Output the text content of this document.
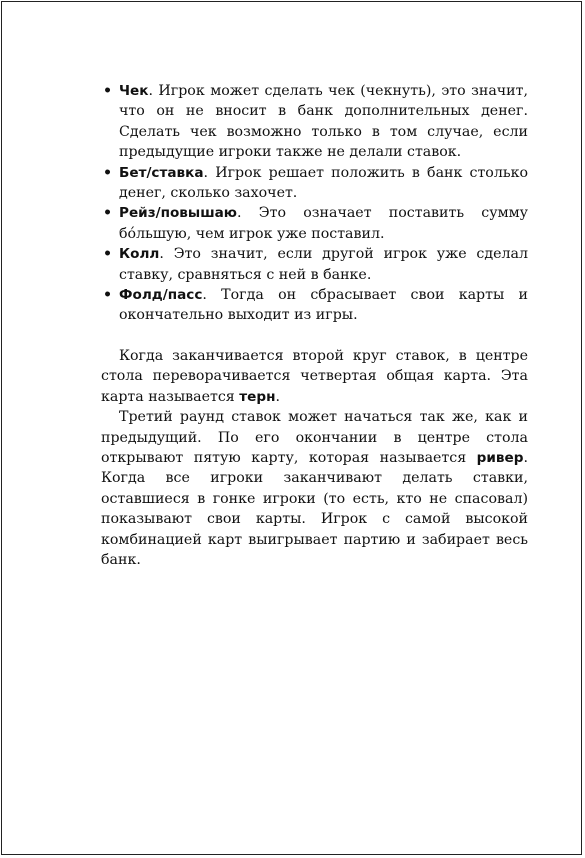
• Чек. Игрок может сделать чек (чекнуть), это значит, что он не вносит в банк дополнительных денег. Сделать чек возможно только в том случае, если предыдущие игроки также не делали ставок.
• Бет/ставка. Игрок решает положить в банк столько денег, сколько захочет.
• Рейз/повышаю. Это означает поставить сумму бóльшую, чем игрок уже поставил.
• Колл. Это значит, если другой игрок уже сделал ставку, сравняться с ней в банке.
• Фолд/пасс. Тогда он сбрасывает свои карты и окончательно выходит из игры.

Когда заканчивается второй круг ставок, в центре стола переворачивается четвертая общая карта. Эта карта называется терн.

Третий раунд ставок может начаться так же, как и предыдущий. По его окончании в центре стола открывают пятую карту, которая называется ривер. Когда все игроки заканчивают делать ставки, оставшиеся в гонке игроки (то есть, кто не спасовал) показывают свои карты. Игрок с самой высокой комбинацией карт выигрывает партию и забирает весь банк.
